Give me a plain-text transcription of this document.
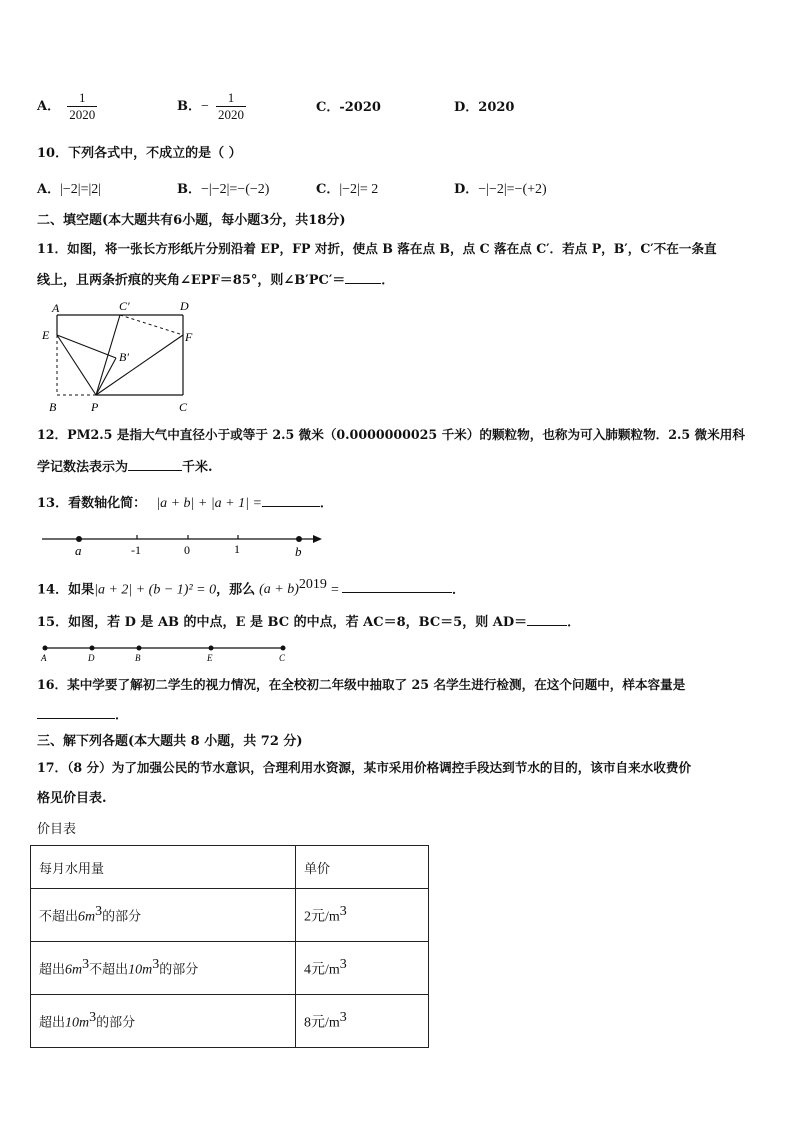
A． $\frac{1}{2020}$	B．− $\frac{1}{2020}$	C．-2020	D．2020
10．下列各式中，不成立的是（ ）
A．|−2|=|2|	B．−|−2|=−(−2)	C．|−2|= 2	D．−|−2|=−(+2)
二、填空题(本大题共有6小题，每小题3分，共18分)
11．如图，将一张长方形纸片分别沿着 EP，FP 对折，使点 B 落在点 B，点 C 落在点 C′．若点 P，B′，C′不在一条直
线上，且两条折痕的夹角∠EPF＝85°，则∠B′PC′＝	．
A	C′	D
E	F
B′
B	P	C
12．PM2.5 是指大气中直径小于或等于 2.5 微米（0.0000000025 千米）的颗粒物，也称为可入肺颗粒物．2.5 微米用科
学记数法表示为	千米.
13．看数轴化简： |a + b| + |a + 1| =	．
a	-1	0	1	b
14．如果|a + 2| + (b − 1)² = 0，那么 $(a + b)^{2019}$ =	．
15．如图，若 D 是 AB 的中点，E 是 BC 的中点，若 AC＝8，BC＝5，则 AD＝	．
A	D	B	E	C
16．某中学要了解初二学生的视力情况，在全校初二年级中抽取了 25 名学生进行检测，在这个问题中，样本容量是
．
三、解下列各题(本大题共 8 小题，共 72 分)
17．（8 分）为了加强公民的节水意识，合理利用水资源，某市采用价格调控手段达到节水的目的，该市自来水收费价
格见价目表.
价目表
每月水用量	单价
不超出$6m^3$的部分	2元$/m^3$
超出$6m^3$不超出$10m^3$的部分	4元$/m^3$
超出$10m^3$的部分	8元$/m^3$
